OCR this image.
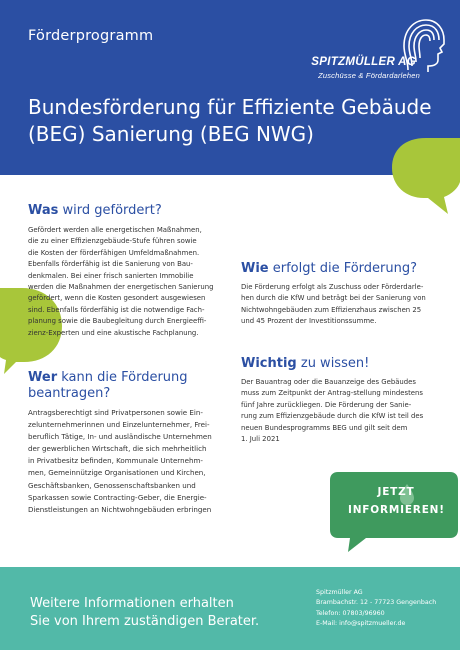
Förderprogramm
SPITZMÜLLER AG
Zuschüsse & Fördardarlehen
Bundesförderung für Effiziente Gebäude
(BEG) Sanierung (BEG NWG)
JETZT
INFORMIEREN!
Was wird gefördert?
Gefördert werden alle energetischen Maßnahmen,
die zu einer Effizienzgebäude-Stufe führen sowie
die Kosten der förderfähigen Umfeldmaßnahmen.
Ebenfalls förderfähig ist die Sanierung von Bau-
denkmalen. Bei einer frisch sanierten Immobilie
werden die Maßnahmen der energetischen Sanierung
gefördert, wenn die Kosten gesondert ausgewiesen
sind. Ebenfalls förderfähig ist die notwendige Fach-
planung sowie die Baubegleitung durch Energieeffi-
zienz-Experten und eine akustische Fachplanung.
Wer kann die Förderung
beantragen?
Antragsberechtigt sind Privatpersonen sowie Ein-
zelunternehmerinnen und Einzelunternehmer, Frei-
beruflich Tätige, In- und ausländische Unternehmen
der gewerblichen Wirtschaft, die sich mehrheitlich
in Privatbesitz befinden, Kommunale Unternehm-
men, Gemeinnützige Organisationen und Kirchen,
Geschäftsbanken, Genossenschaftsbanken und
Sparkassen sowie Contracting-Geber, die Energie-
Dienstleistungen an Nichtwohngebäuden erbringen
Wie erfolgt die Förderung?
Die Förderung erfolgt als Zuschuss oder Förderdarle-
hen durch die KfW und beträgt bei der Sanierung von
Nichtwohngebäuden zum Effizienzhaus zwischen 25
und 45 Prozent der Investitionssumme.
Wichtig zu wissen!
Der Bauantrag oder die Bauanzeige des Gebäudes
muss zum Zeitpunkt der Antrag-stellung mindestens
fünf Jahre zurückliegen. Die Förderung der Sanie-
rung zum Effizienzgebäude durch die KfW ist teil des
neuen Bundesprogramms BEG und gilt seit dem
1. Juli 2021
Weitere Informationen erhalten
Sie von Ihrem zuständigen Berater.
Spitzmüller AG
Brambachstr. 12 - 77723 Gengenbach
Telefon: 07803/96960
E-Mail: info@spitzmueller.de
